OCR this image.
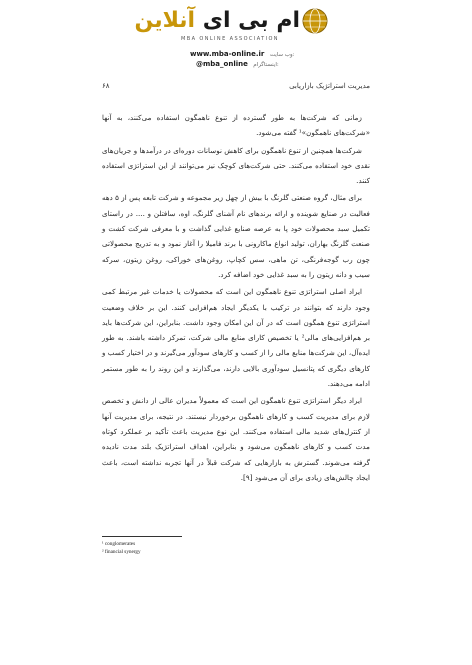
ام بی ای آنلاین
MBA ONLINE ASSOCIATION
www.mba-online.ir وب سایت:
@mba_online اینستاگرام:
۶۸	مدیریت استراتژیک بازاریابی

زمانی که شرکت‌ها به طور گسترده از تنوع ناهمگون استفاده می‌کنند، به آنها «شرکت‌های ناهمگون»¹ گفته می‌شود.

شرکت‌ها همچنین از تنوع ناهمگون برای کاهش نوسانات دوره‌ای در درآمدها و جریان‌های نقدی خود استفاده می‌کنند. حتی شرکت‌های کوچک نیز می‌توانند از این استراتژی استفاده کنند.

برای مثال، گروه صنعتی گلرنگ با بیش از چهل زیر مجموعه و شرکت تابعه پس از ۵ دهه فعالیت در صنایع شوینده و ارائه برندهای نام آشنای گلرنگ، اوه، سافتلن و .... در راستای تکمیل سبد محصولات خود پا به عرصه صنایع غذایی گذاشت و با معرفی شرکت کشت و صنعت گلرنگ بهاران، تولید انواع ماکارونی با برند فامیلا را آغاز نمود و به تدریج محصولاتی چون رب گوجه‌فرنگی، تن ماهی، سس کچاپ، روغن‌های خوراکی، روغن زیتون، سرکه سیب و دانه زیتون را به سبد غذایی خود اضافه کرد.

ایراد اصلی استراتژی تنوع ناهمگون این است که محصولات یا خدمات غیر مرتبط کمی وجود دارند که بتوانند در ترکیب با یکدیگر ایجاد هم‌افزایی کنند. این بر خلاف وضعیت استراتژی تنوع همگون است که در آن این امکان وجود داشت. بنابراین، این شرکت‌ها باید بر هم‌افزایی‌های مالی² یا تخصیص کارای منابع مالی شرکت، تمرکز داشته باشند. به طور ایده‌آل، این شرکت‌ها منابع مالی را از کسب و کارهای سودآور می‌گیرند و در اختیار کسب و کارهای دیگری که پتانسیل سودآوری بالایی دارند، می‌گذارند و این روند را به طور مستمر ادامه می‌دهند.

ایراد دیگر استراتژی تنوع ناهمگون این است که معمولاً مدیران عالی از دانش و تخصص لازم برای مدیریت کسب و کارهای ناهمگون برخوردار نیستند. در نتیجه، برای مدیریت آنها از کنترل‌های شدید مالی استفاده می‌کنند. این نوع مدیریت باعث تأکید بر عملکرد کوتاه مدت کسب و کارهای ناهمگون می‌شود و بنابراین، اهداف استراتژیک بلند مدت نادیده گرفته می‌شوند. گسترش به بازارهایی که شرکت قبلاً در آنها تجربه نداشته است، باعث ایجاد چالش‌های زیادی برای آن می‌شود [۹].

¹ conglomerates
² financial synergy
